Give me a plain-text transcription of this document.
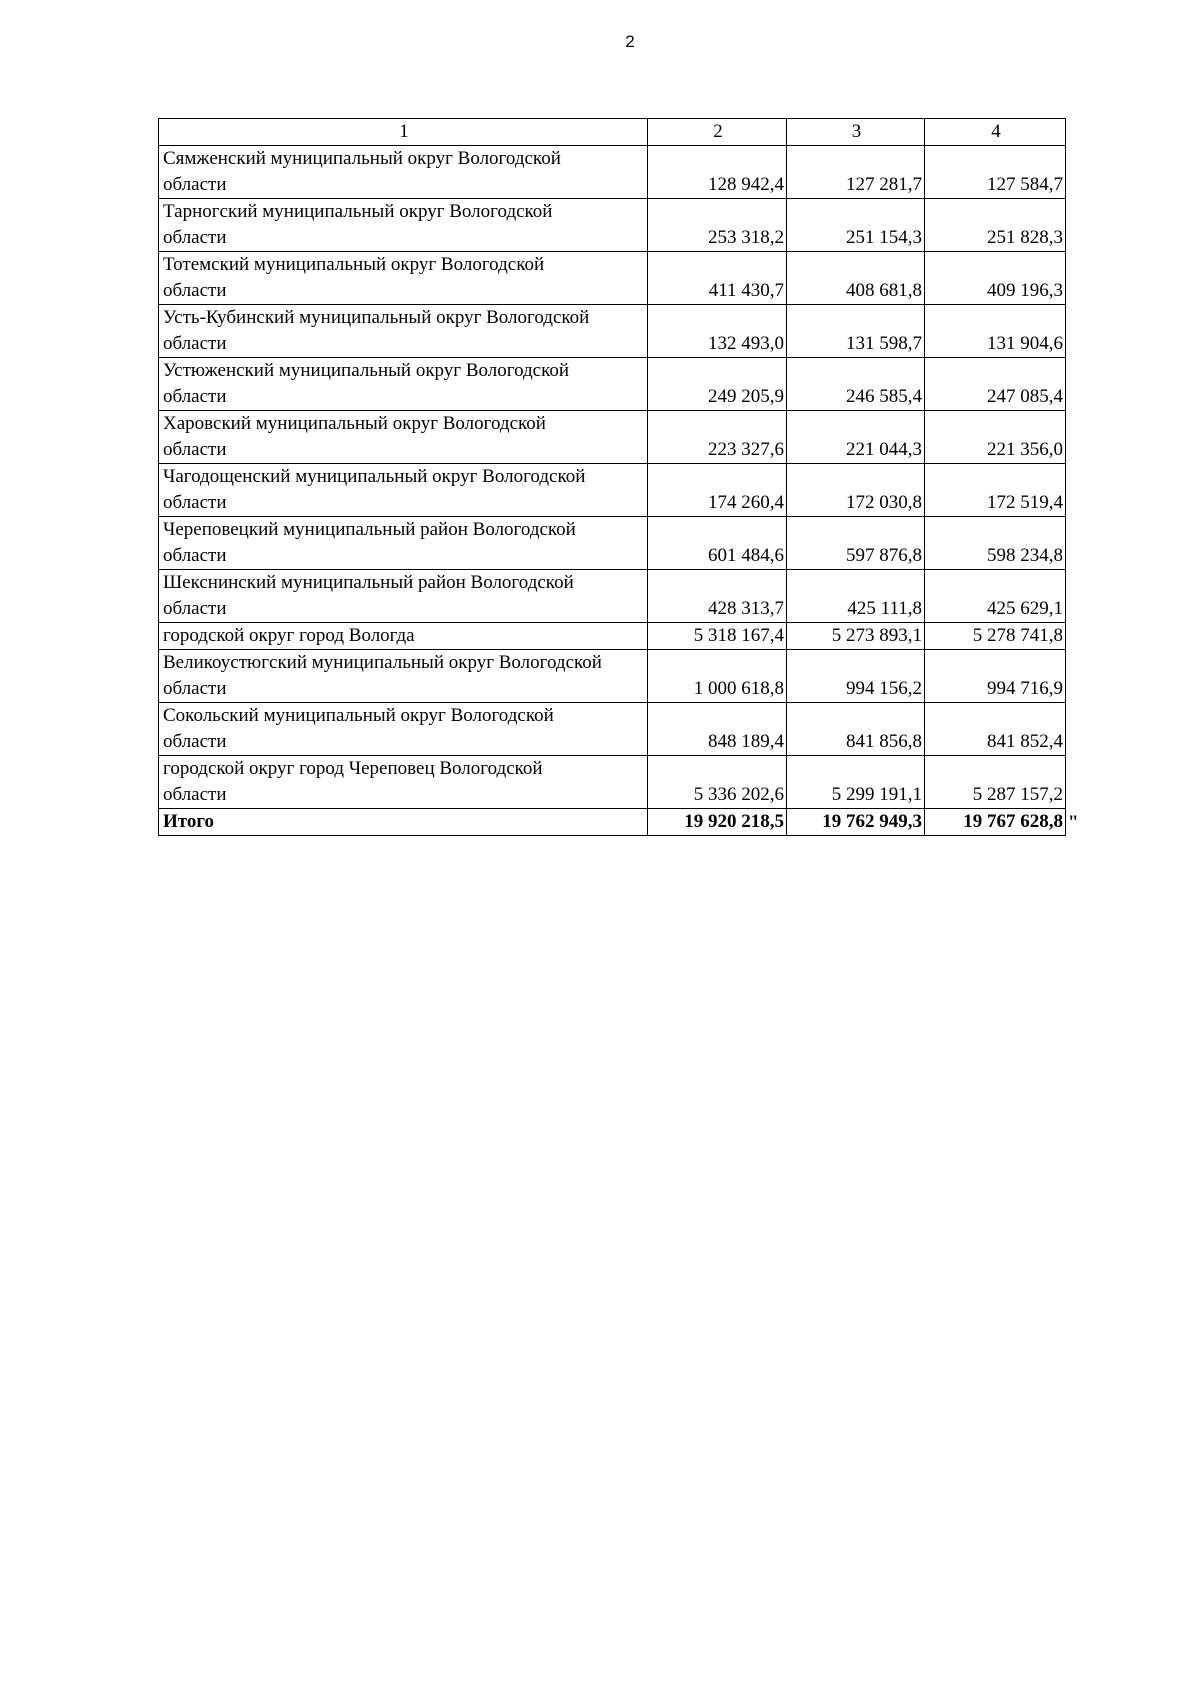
2
1	2	3	4

Сямженский муниципальный округ Вологодской
области	128 942,4	127 281,7	127 584,7

Тарногский муниципальный округ Вологодской
области	253 318,2	251 154,3	251 828,3

Тотемский муниципальный округ Вологодской
области	411 430,7	408 681,8	409 196,3

Усть-Кубинский муниципальный округ Вологодской
области	132 493,0	131 598,7	131 904,6

Устюженский муниципальный округ Вологодской
области	249 205,9	246 585,4	247 085,4

Харовский муниципальный округ Вологодской
области	223 327,6	221 044,3	221 356,0

Чагодощенский муниципальный округ Вологодской
области	174 260,4	172 030,8	172 519,4

Череповецкий муниципальный район Вологодской
области	601 484,6	597 876,8	598 234,8

Шекснинский муниципальный район Вологодской
области	428 313,7	425 111,8	425 629,1

городской округ город Вологда	5 318 167,4	5 273 893,1	5 278 741,8

Великоустюгский муниципальный округ Вологодской
области	1 000 618,8	994 156,2	994 716,9

Сокольский муниципальный округ Вологодской
области	848 189,4	841 856,8	841 852,4

городской округ город Череповец Вологодской
области	5 336 202,6	5 299 191,1	5 287 157,2
Итого	19 920 218,5	19 762 949,3	19 767 628,8 "
